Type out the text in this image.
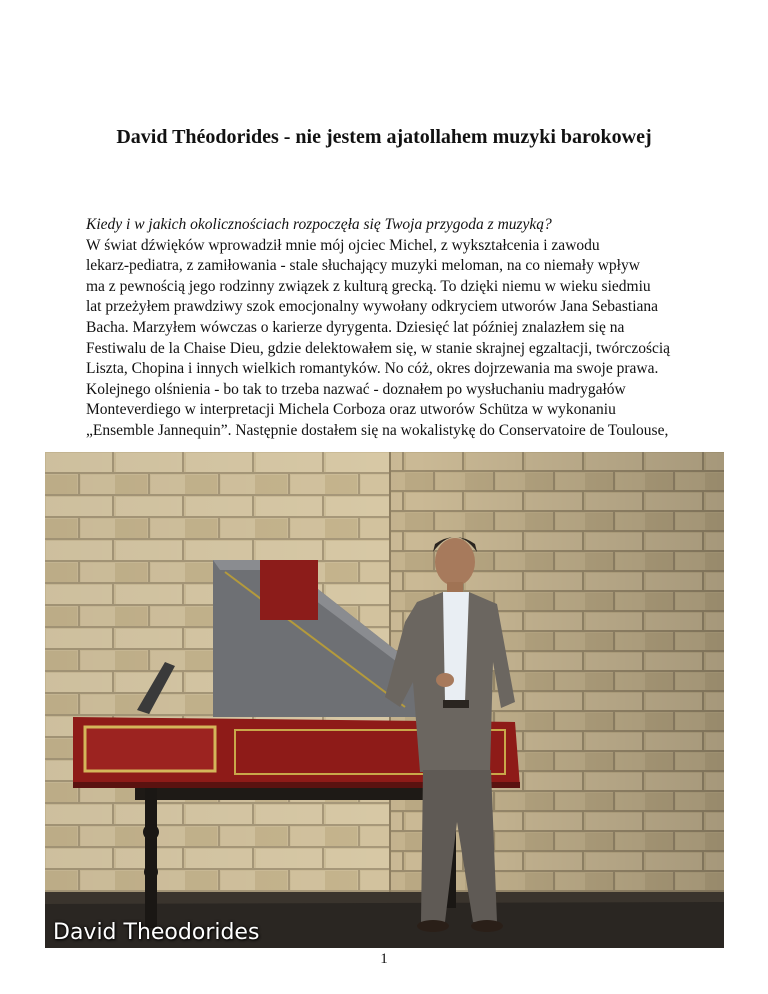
David Théodorides - nie jestem ajatollahem muzyki barokowej

Kiedy i w jakich okolicznościach rozpoczęła się Twoja przygoda z muzyką?

W świat dźwięków wprowadził mnie mój ojciec Michel, z wykształcenia i zawodu
lekarz-pediatra, z zamiłowania - stale słuchający muzyki meloman, na co niemały wpływ
ma z pewnością jego rodzinny związek z kulturą grecką. To dzięki niemu w wieku siedmiu
lat przeżyłem prawdziwy szok emocjonalny wywołany odkryciem utworów Jana Sebastiana
Bacha. Marzyłem wówczas o karierze dyrygenta. Dziesięć lat później znalazłem się na
Festiwalu de la Chaise Dieu, gdzie delektowałem się, w stanie skrajnej egzaltacji, twórczością
Liszta, Chopina i innych wielkich romantyków. No cóż, okres dojrzewania ma swoje prawa.
Kolejnego olśnienia - bo tak to trzeba nazwać - doznałem po wysłuchaniu madrygałów
Monteverdiego w interpretacji Michela Corboza oraz utworów Schütza w wykonaniu
„Ensemble Jannequin”. Następnie dostałem się na wokalistykę do Conservatoire de Toulouse,

David Theodorides
1
